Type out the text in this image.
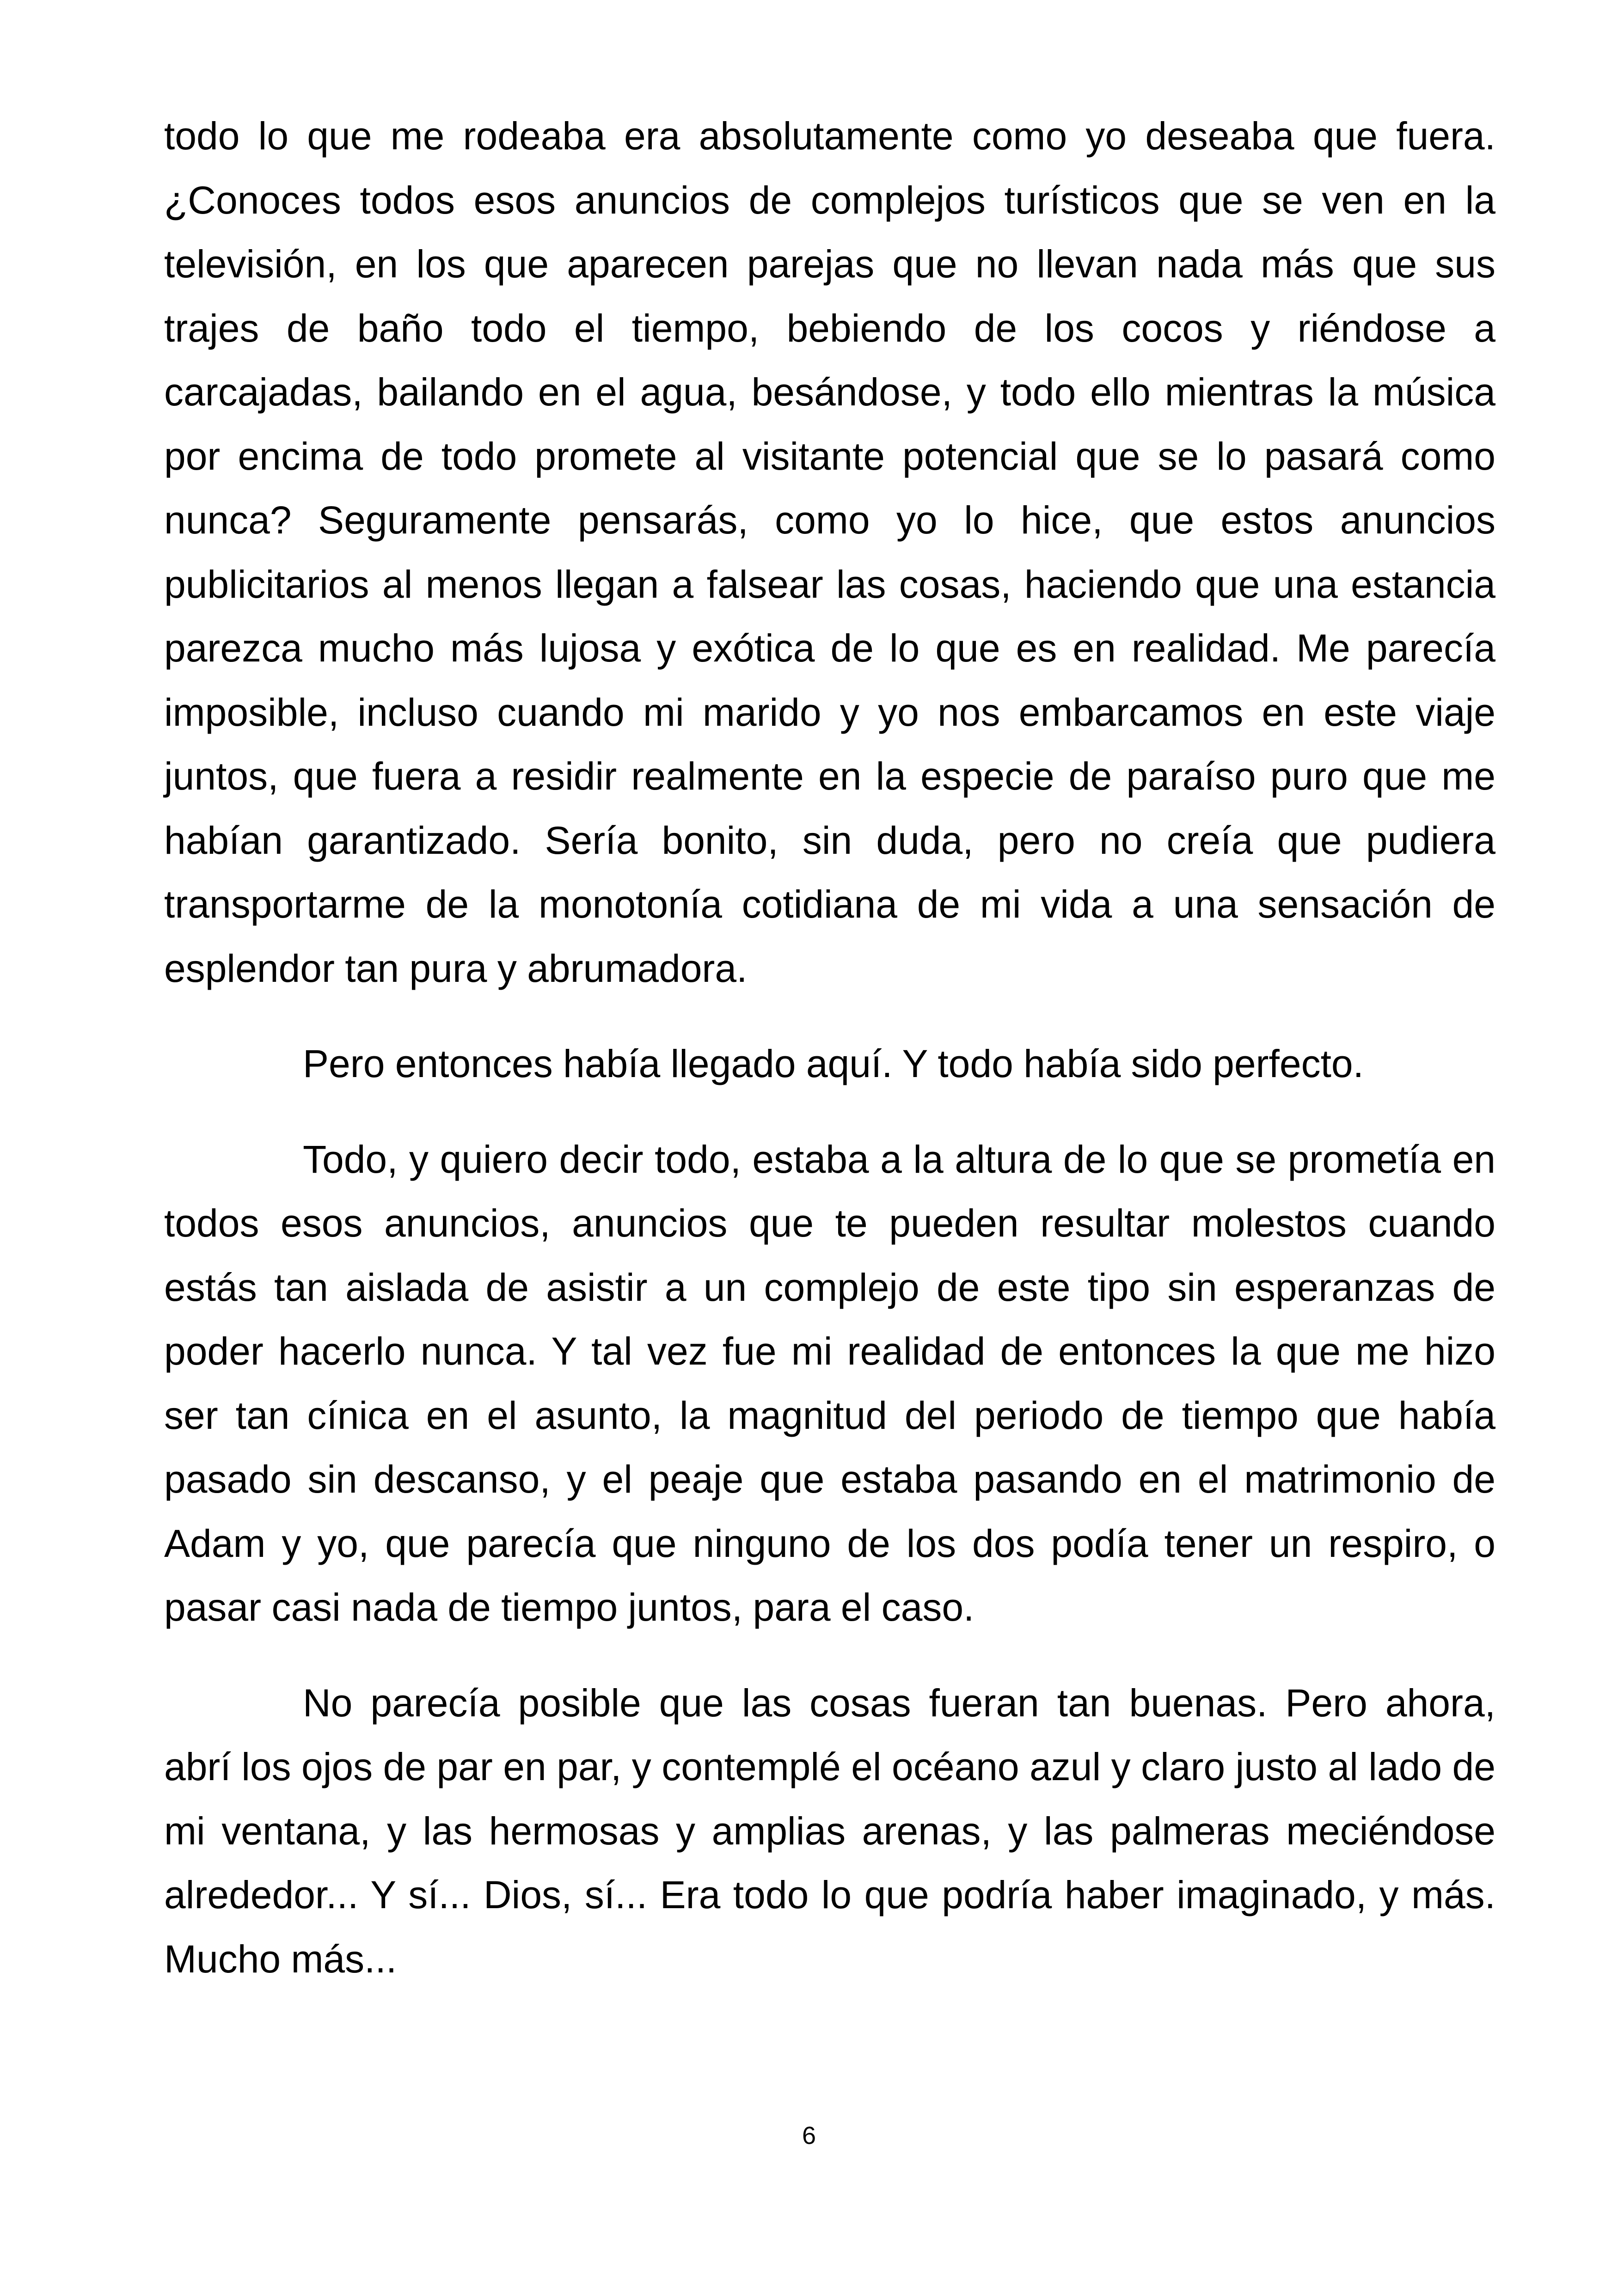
todo lo que me rodeaba era absolutamente como yo deseaba que fuera. ¿Conoces todos esos anuncios de complejos turísticos que se ven en la televisión, en los que aparecen parejas que no llevan nada más que sus trajes de baño todo el tiempo, bebiendo de los cocos y riéndose a carcajadas, bailando en el agua, besándose, y todo ello mientras la música por encima de todo promete al visitante potencial que se lo pasará como nunca? Seguramente pensarás, como yo lo hice, que estos anuncios publicitarios al menos llegan a falsear las cosas, haciendo que una estancia parezca mucho más lujosa y exótica de lo que es en realidad. Me parecía imposible, incluso cuando mi marido y yo nos embarcamos en este viaje juntos, que fuera a residir realmente en la especie de paraíso puro que me habían garantizado. Sería bonito, sin duda, pero no creía que pudiera transportarme de la monotonía cotidiana de mi vida a una sensación de esplendor tan pura y abrumadora.

Pero entonces había llegado aquí. Y todo había sido perfecto.

Todo, y quiero decir todo, estaba a la altura de lo que se prometía en todos esos anuncios, anuncios que te pueden resultar molestos cuando estás tan aislada de asistir a un complejo de este tipo sin esperanzas de poder hacerlo nunca. Y tal vez fue mi realidad de entonces la que me hizo ser tan cínica en el asunto, la magnitud del periodo de tiempo que había pasado sin descanso, y el peaje que estaba pasando en el matrimonio de Adam y yo, que parecía que ninguno de los dos podía tener un respiro, o pasar casi nada de tiempo juntos, para el caso.

No parecía posible que las cosas fueran tan buenas. Pero ahora, abrí los ojos de par en par, y contemplé el océano azul y claro justo al lado de mi ventana, y las hermosas y amplias arenas, y las palmeras meciéndose alrededor... Y sí... Dios, sí... Era todo lo que podría haber imaginado, y más. Mucho más...

6
